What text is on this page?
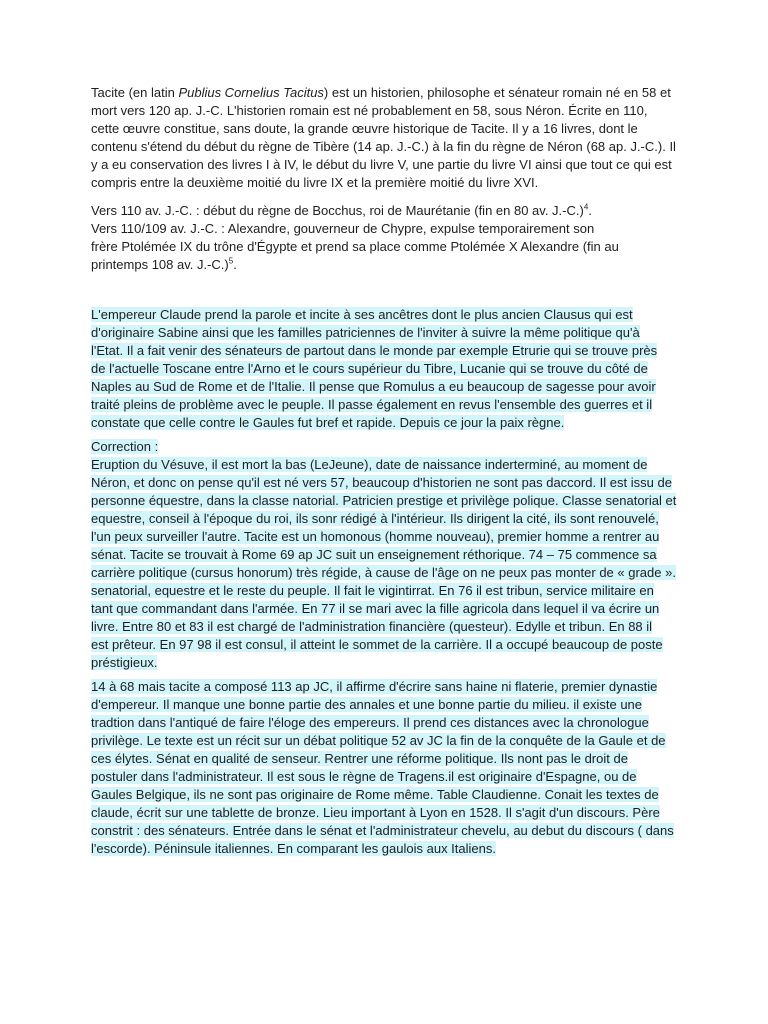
Tacite (en latin Publius Cornelius Tacitus) est un historien, philosophe et sénateur romain né en 58 et
mort vers 120 ap. J.-C. L'historien romain est né probablement en 58, sous Néron. Écrite en 110,
cette œuvre constitue, sans doute, la grande œuvre historique de Tacite. Il y a 16 livres, dont le
contenu s'étend du début du règne de Tibère (14 ap. J.-C.) à la fin du règne de Néron (68 ap. J.-C.). Il
y a eu conservation des livres I à IV, le début du livre V, une partie du livre VI ainsi que tout ce qui est
compris entre la deuxième moitié du livre IX et la première moitié du livre XVI.
Vers 110 av. J.-C. : début du règne de Bocchus, roi de Maurétanie (fin en 80 av. J.-C.)$^4$.
Vers 110/109 av. J.-C. : Alexandre, gouverneur de Chypre, expulse temporairement son
frère Ptolémée IX du trône d'Égypte et prend sa place comme Ptolémée X Alexandre (fin au
printemps 108 av. J.-C.)$^5$.
L'empereur Claude prend la parole et incite à ses ancêtres dont le plus ancien Clausus qui est
d'originaire Sabine ainsi que les familles patriciennes de l'inviter à suivre la même politique qu'à
l'Etat. Il a fait venir des sénateurs de partout dans le monde par exemple Etrurie qui se trouve près
de l'actuelle Toscane entre l'Arno et le cours supérieur du Tibre, Lucanie qui se trouve du côté de
Naples au Sud de Rome et de l'Italie. Il pense que Romulus a eu beaucoup de sagesse pour avoir
traité pleins de problème avec le peuple. Il passe également en revus l'ensemble des guerres et il
constate que celle contre le Gaules fut bref et rapide. Depuis ce jour la paix règne.
Correction :
Eruption du Vésuve, il est mort la bas (LeJeune), date de naissance inderterminé, au moment de
Néron, et donc on pense qu'il est né vers 57, beaucoup d'historien ne sont pas daccord. Il est issu de
personne équestre, dans la classe natorial. Patricien prestige et privilège polique. Classe senatorial et
equestre, conseil à l'époque du roi, ils sonr rédigé à l'intérieur. Ils dirigent la cité, ils sont renouvelé,
l'un peux surveiller l'autre. Tacite est un homonous (homme nouveau), premier homme a rentrer au
sénat. Tacite se trouvait à Rome 69 ap JC suit un enseignement réthorique. 74 – 75 commence sa
carrière politique (cursus honorum) très régide, à cause de l'âge on ne peux pas monter de « grade ».
senatorial, equestre et le reste du peuple. Il fait le vigintirrat. En 76 il est tribun, service militaire en
tant que commandant dans l'armée. En 77 il se mari avec la fille agricola dans lequel il va écrire un
livre. Entre 80 et 83 il est chargé de l'administration financière (questeur). Edylle et tribun. En 88 il
est prêteur. En 97 98 il est consul, il atteint le sommet de la carrière. Il a occupé beaucoup de poste
préstigieux.
14 à 68 mais tacite a composé 113 ap JC, il affirme d'écrire sans haine ni flaterie, premier dynastie
d'empereur. Il manque une bonne partie des annales et une bonne partie du milieu. il existe une
tradtion dans l'antiqué de faire l'éloge des empereurs. Il prend ces distances avec la chronologue
privilège. Le texte est un récit sur un débat politique 52 av JC la fin de la conquête de la Gaule et de
ces élytes. Sénat en qualité de senseur. Rentrer une réforme politique. Ils nont pas le droit de
postuler dans l'administrateur. Il est sous le règne de Tragens.il est originaire d'Espagne, ou de
Gaules Belgique, ils ne sont pas originaire de Rome même. Table Claudienne. Conait les textes de
claude, écrit sur une tablette de bronze. Lieu important à Lyon en 1528. Il s'agit d'un discours. Père
constrit : des sénateurs. Entrée dans le sénat et l'administrateur chevelu, au debut du discours ( dans
l'escorde). Péninsule italiennes. En comparant les gaulois aux Italiens.
